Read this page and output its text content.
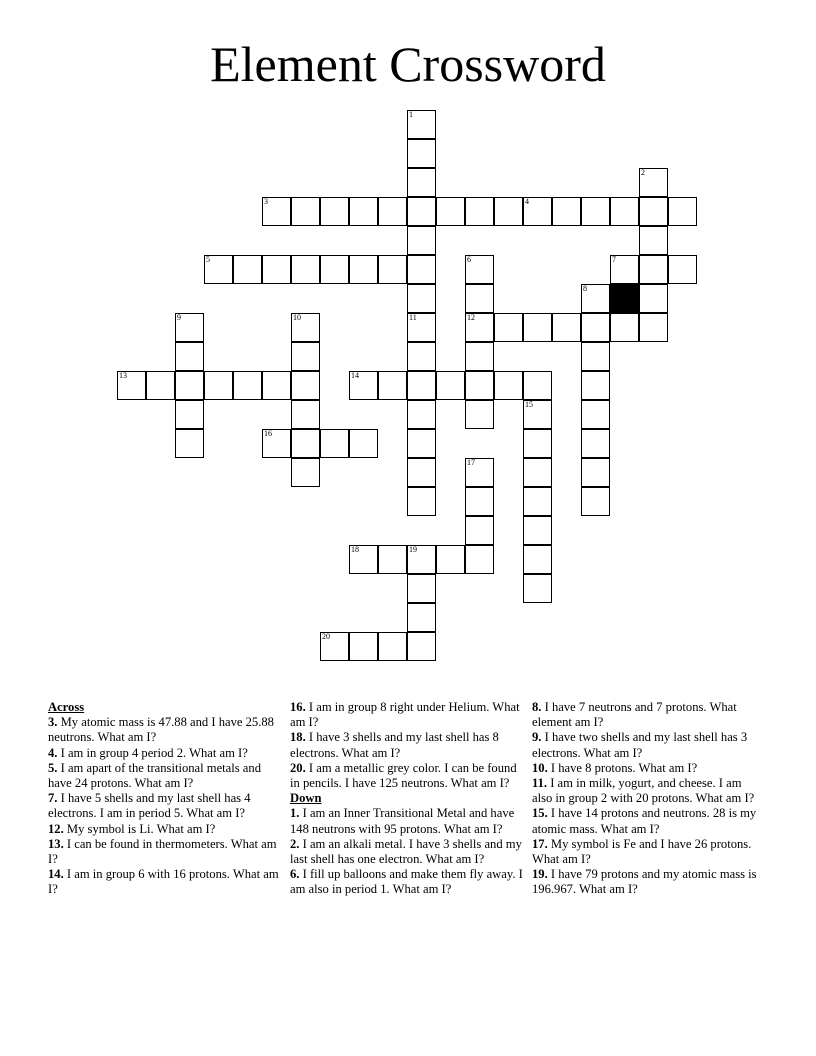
Element Crossword
3	4
5	7
12
13	14
16
18	19
20
1
2
6
8
9	10	11
15
17
Across
3. My atomic mass is 47.88 and I have 25.88 neutrons. What am I?
4. I am in group 4 period 2. What am I?
5. I am apart of the transitional metals and have 24 protons. What am I?
7. I have 5 shells and my last shell has 4 electrons. I am in period 5. What am I?
12. My symbol is Li. What am I?
13. I can be found in thermometers. What am I?
14. I am in group 6 with 16 protons. What am I?
16. I am in group 8 right under Helium. What am I?
18. I have 3 shells and my last shell has 8 electrons. What am I?
20. I am a metallic grey color. I can be found in pencils. I have 125 neutrons. What am I?
Down
1. I am an Inner Transitional Metal and have 148 neutrons with 95 protons. What am I?
2. I am an alkali metal. I have 3 shells and my last shell has one electron. What am I?
6. I fill up balloons and make them fly away. I am also in period 1. What am I?
8. I have 7 neutrons and 7 protons. What element am I?
9. I have two shells and my last shell has 3 electrons. What am I?
10. I have 8 protons. What am I?
11. I am in milk, yogurt, and cheese. I am also in group 2 with 20 protons. What am I?
15. I have 14 protons and neutrons. 28 is my atomic mass. What am I?
17. My symbol is Fe and I have 26 protons. What am I?
19. I have 79 protons and my atomic mass is 196.967. What am I?
